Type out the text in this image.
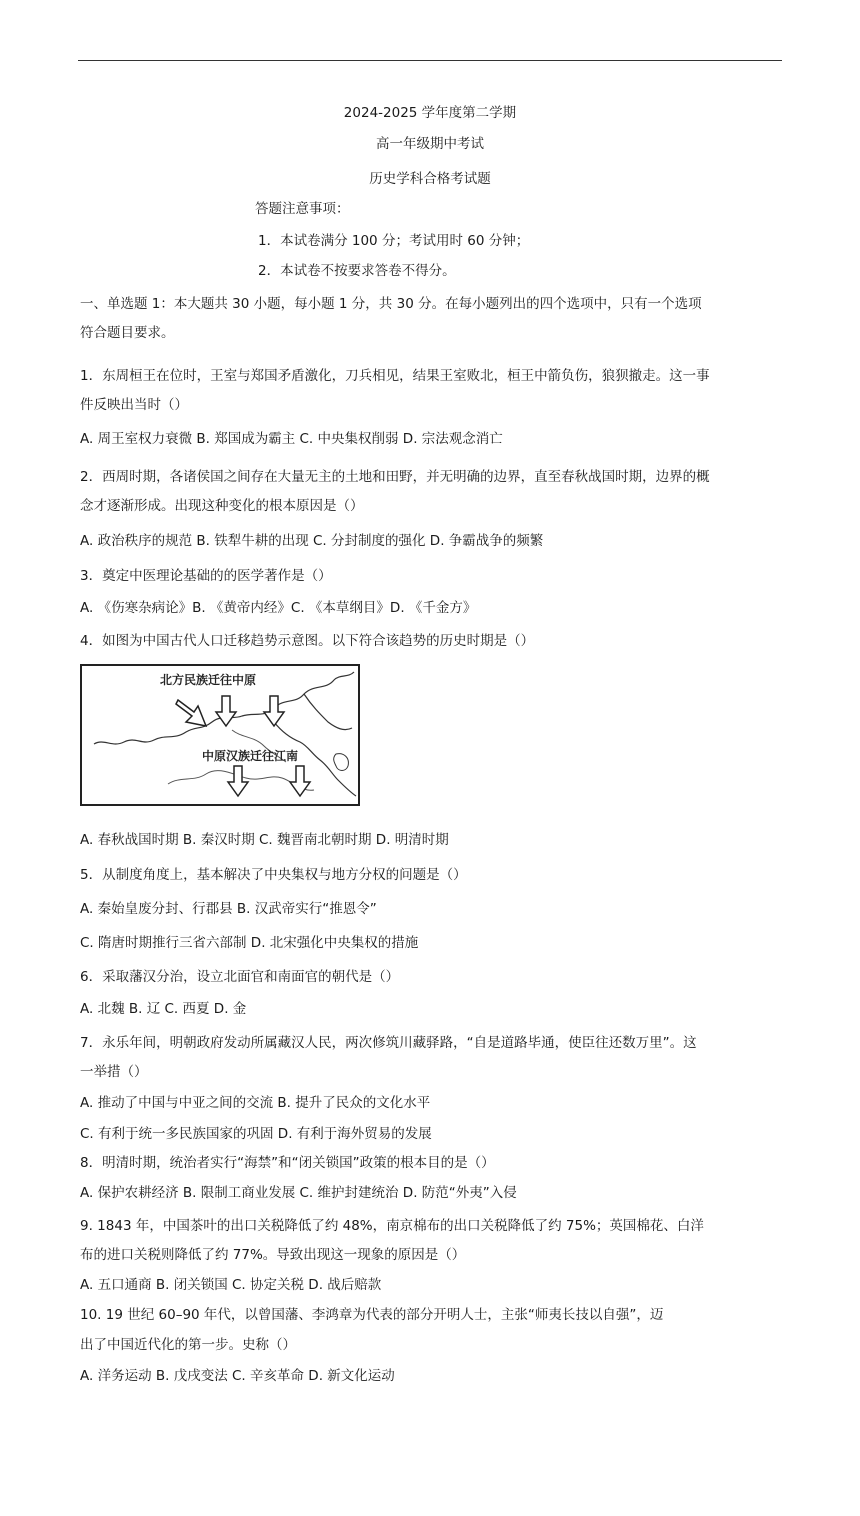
2024-2025 学年度第二学期
高一年级期中考试
历史学科合格考试题
答题注意事项：
1．本试卷满分 100 分；考试用时 60 分钟；
2．本试卷不按要求答卷不得分。
一、单选题 1：本大题共 30 小题，每小题 1 分，共 30 分。在每小题列出的四个选项中，只有一个选项
符合题目要求。
1．东周桓王在位时，王室与郑国矛盾激化，刀兵相见，结果王室败北，桓王中箭负伤，狼狈撤走。这一事
件反映出当时（）
A. 周王室权力衰微 B. 郑国成为霸主 C. 中央集权削弱 D. 宗法观念消亡
2．西周时期，各诸侯国之间存在大量无主的土地和田野，并无明确的边界，直至春秋战国时期，边界的概
念才逐渐形成。出现这种变化的根本原因是（）
A. 政治秩序的规范 B. 铁犁牛耕的出现 C. 分封制度的强化 D. 争霸战争的频繁
3．奠定中医理论基础的的医学著作是（）
A. 《伤寒杂病论》B. 《黄帝内经》C. 《本草纲目》D. 《千金方》
4．如图为中国古代人口迁移趋势示意图。以下符合该趋势的历史时期是（）
北方民族迁往中原
中原汉族迁往江南
A. 春秋战国时期 B. 秦汉时期 C. 魏晋南北朝时期 D. 明清时期
5．从制度角度上，基本解决了中央集权与地方分权的问题是（）
A. 秦始皇废分封、行郡县 B. 汉武帝实行“推恩令”
C. 隋唐时期推行三省六部制 D. 北宋强化中央集权的措施
6．采取藩汉分治，设立北面官和南面官的朝代是（）
A. 北魏 B. 辽 C. 西夏 D. 金
7．永乐年间，明朝政府发动所属藏汉人民，两次修筑川藏驿路，“自是道路毕通，使臣往还数万里”。这
一举措（）
A. 推动了中国与中亚之间的交流 B. 提升了民众的文化水平
C. 有利于统一多民族国家的巩固 D. 有利于海外贸易的发展
8．明清时期，统治者实行“海禁”和“闭关锁国”政策的根本目的是（）
A. 保护农耕经济 B. 限制工商业发展 C. 维护封建统治 D. 防范“外夷”入侵
9. 1843 年，中国茶叶的出口关税降低了约 48%，南京棉布的出口关税降低了约 75%；英国棉花、白洋
布的进口关税则降低了约 77%。导致出现这一现象的原因是（）
A. 五口通商 B. 闭关锁国 C. 协定关税 D. 战后赔款
10. 19 世纪 60–90 年代，以曾国藩、李鸿章为代表的部分开明人士，主张“师夷长技以自强”，迈
出了中国近代化的第一步。史称（）
A. 洋务运动 B. 戊戌变法 C. 辛亥革命 D. 新文化运动
